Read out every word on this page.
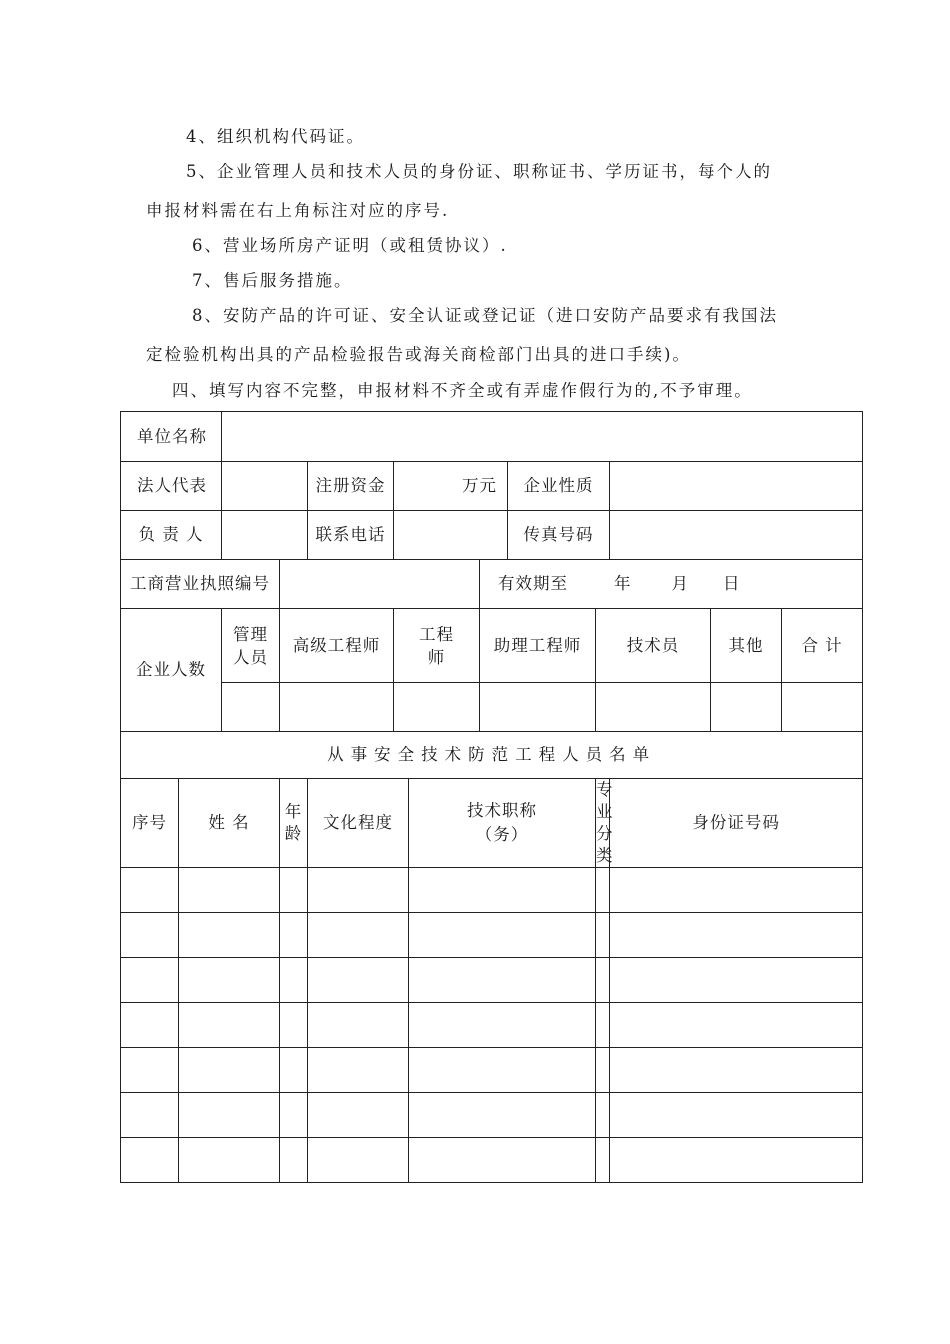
4、组织机构代码证。
5、企业管理人员和技术人员的身份证、职称证书、学历证书，每个人的
申报材料需在右上角标注对应的序号.
6、营业场所房产证明（或租赁协议）.
7、售后服务措施。
8、安防产品的许可证、安全认证或登记证（进口安防产品要求有我国法
定检验机构出具的产品检验报告或海关商检部门出具的进口手续)。
四、填写内容不完整，申报材料不齐全或有弄虚作假行为的,不予审理。
单位名称												
法人代表				注册资金	万元			企业性质				
负 责 人				联系电话				传真号码				
工商营业执照编号							有效期至 年 月 日					
企业人数		管理人员	高级工程师		工程师		助理工程师		技术员		其他	合 计

从事安全技术防范工程人员名单												
序号	姓 名		年龄	文化程度		技术职称（务）			专业分类	身份证号码		
